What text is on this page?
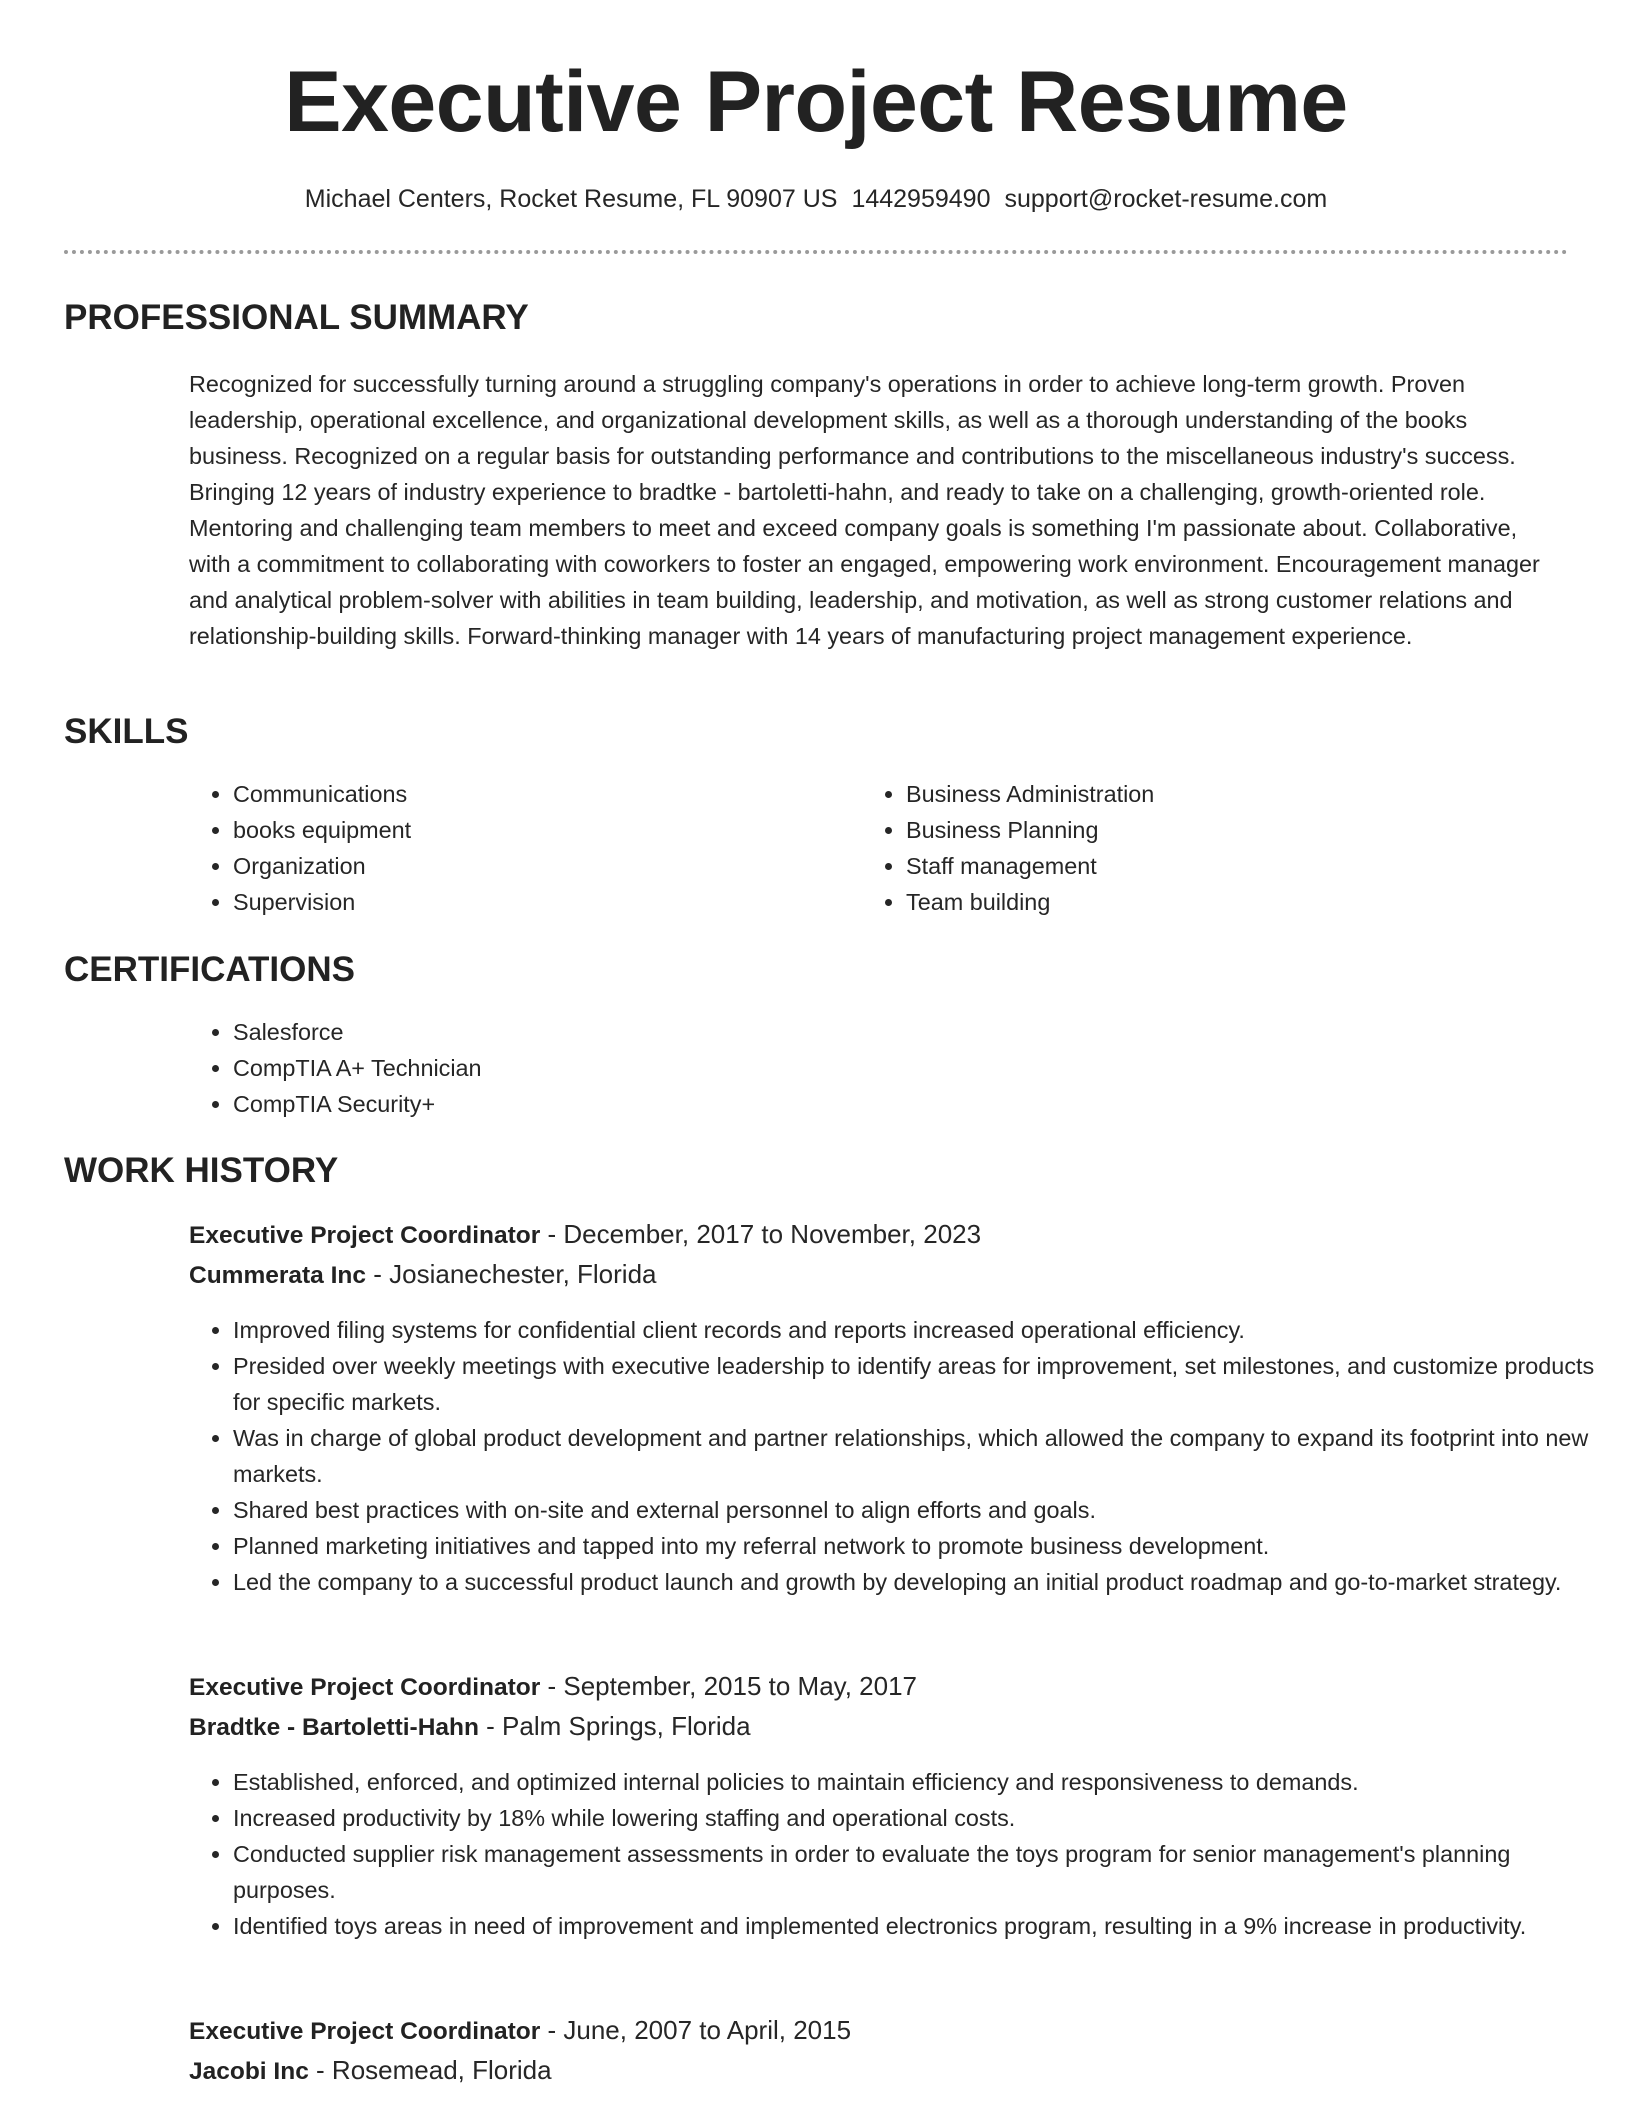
Executive Project Resume
Michael Centers, Rocket Resume, FL 90907 US 1442959490 support@rocket-resume.com
PROFESSIONAL SUMMARY

Recognized for successfully turning around a struggling company's operations in order to achieve long-term growth. Proven leadership, operational excellence, and organizational development skills, as well as a thorough understanding of the books business. Recognized on a regular basis for outstanding performance and contributions to the miscellaneous industry's success. Bringing 12 years of industry experience to bradtke - bartoletti-hahn, and ready to take on a challenging, growth-oriented role. Mentoring and challenging team members to meet and exceed company goals is something I'm passionate about. Collaborative, with a commitment to collaborating with coworkers to foster an engaged, empowering work environment. Encouragement manager and analytical problem-solver with abilities in team building, leadership, and motivation, as well as strong customer relations and relationship-building skills. Forward-thinking manager with 14 years of manufacturing project management experience.

SKILLS
• Communications
• books equipment
• Organization
• Supervision
• Business Administration
• Business Planning
• Staff management
• Team building
CERTIFICATIONS
• Salesforce
• CompTIA A+ Technician
• CompTIA Security+
WORK HISTORY
Executive Project Coordinator - December, 2017 to November, 2023
Cummerata Inc - Josianechester, Florida
• Improved filing systems for confidential client records and reports increased operational efficiency.
• Presided over weekly meetings with executive leadership to identify areas for improvement, set milestones, and customize products for specific markets.
• Was in charge of global product development and partner relationships, which allowed the company to expand its footprint into new markets.
• Shared best practices with on-site and external personnel to align efforts and goals.
• Planned marketing initiatives and tapped into my referral network to promote business development.
• Led the company to a successful product launch and growth by developing an initial product roadmap and go-to-market strategy.
Executive Project Coordinator - September, 2015 to May, 2017
Bradtke - Bartoletti-Hahn - Palm Springs, Florida
• Established, enforced, and optimized internal policies to maintain efficiency and responsiveness to demands.
• Increased productivity by 18% while lowering staffing and operational costs.
• Conducted supplier risk management assessments in order to evaluate the toys program for senior management's planning purposes.
• Identified toys areas in need of improvement and implemented electronics program, resulting in a 9% increase in productivity.
Executive Project Coordinator - June, 2007 to April, 2015
Jacobi Inc - Rosemead, Florida
